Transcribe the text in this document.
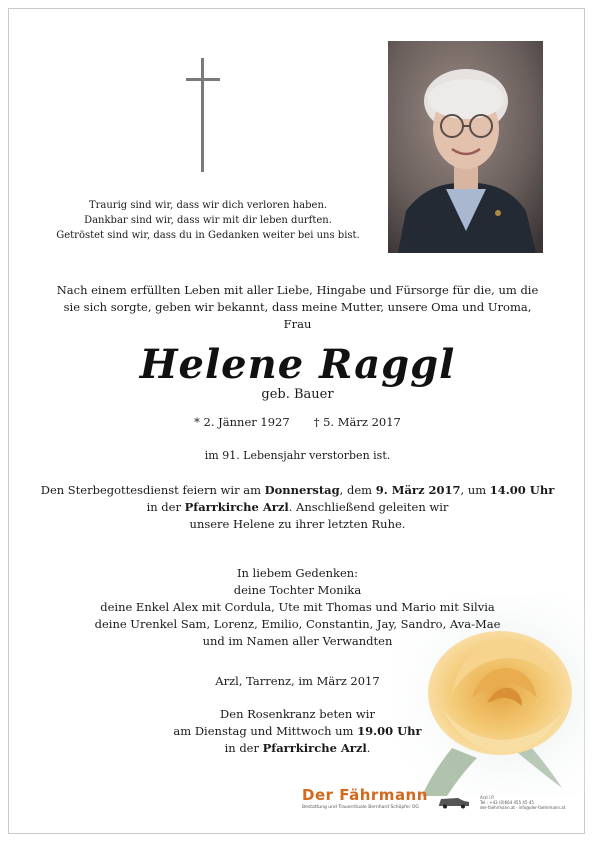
Traurig sind wir, dass wir dich verloren haben.
Dankbar sind wir, dass wir mit dir leben durften.
Getröstet sind wir, dass du in Gedanken weiter bei uns bist.
Nach einem erfüllten Leben mit aller Liebe, Hingabe und Fürsorge für die, um die
sie sich sorgte, geben wir bekannt, dass meine Mutter, unsere Oma und Uroma,
Frau
Helene Raggl
geb. Bauer
* 2. Jänner 1927 † 5. März 2017
im 91. Lebensjahr verstorben ist.
Den Sterbegottesdienst feiern wir am Donnerstag, dem 9. März 2017, um 14.00 Uhr
in der Pfarrkirche Arzl. Anschließend geleiten wir
unsere Helene zu ihrer letzten Ruhe.
In liebem Gedenken:
deine Tochter Monika
deine Enkel Alex mit Cordula, Ute mit Thomas und Mario mit Silvia
deine Urenkel Sam, Lorenz, Emilio, Constantin, Jay, Sandro, Ava-Mae
und im Namen aller Verwandten
Arzl, Tarrenz, im März 2017
Den Rosenkranz beten wir
am Dienstag und Mittwoch um 19.00 Uhr
in der Pfarrkirche Arzl.
Der Fährmann
Bestattung und Trauerrituale Bernhard Schöpfer OG
Arzl i.P.
Tel.: +43 (0)664 455 45 45
der-faehrmann.at · info@der-faehrmann.at
